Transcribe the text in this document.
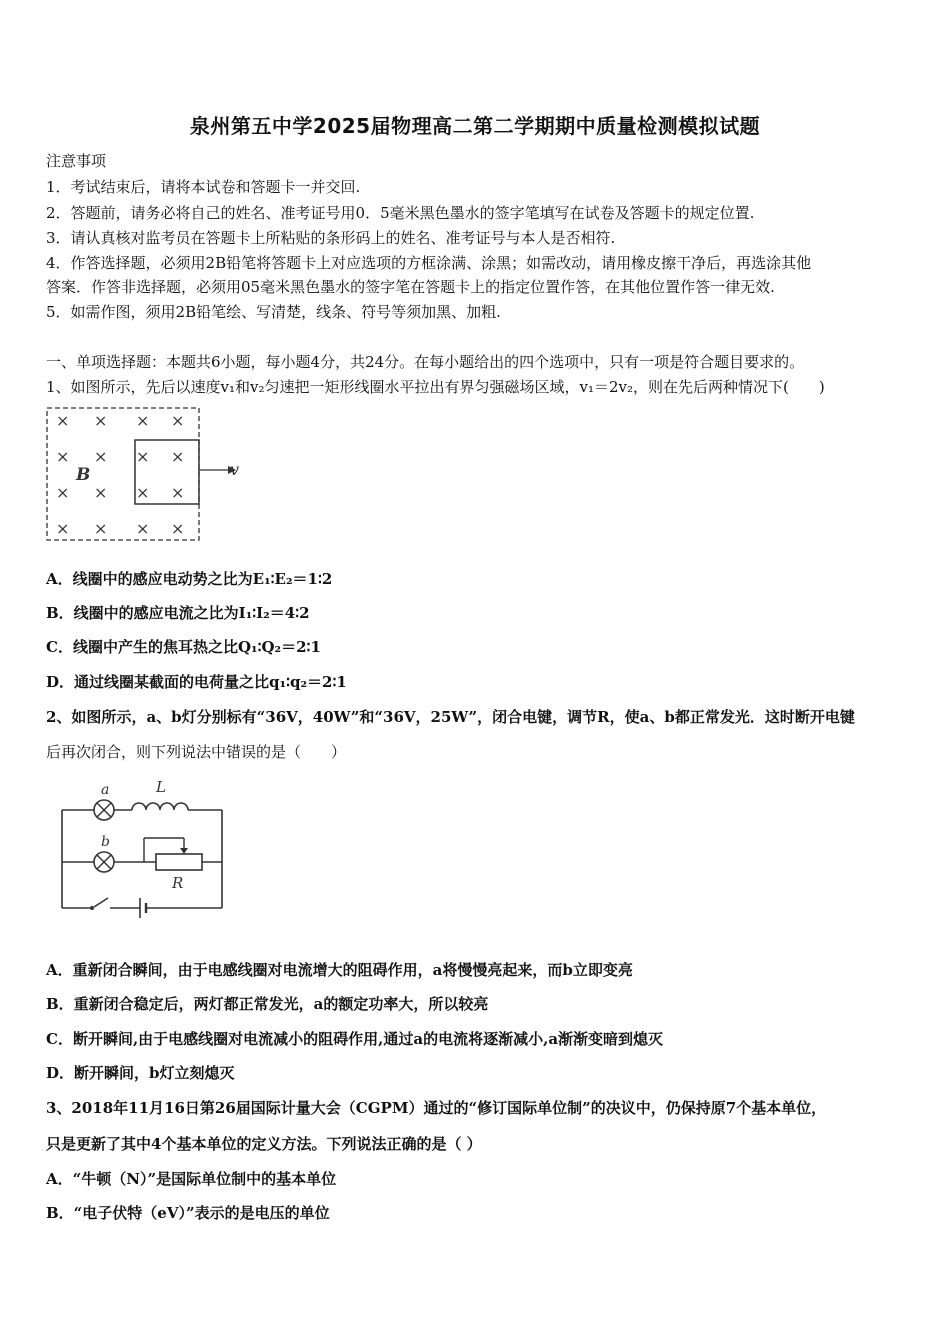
泉州第五中学2025届物理高二第二学期期中质量检测模拟试题
注意事项
1．考试结束后，请将本试卷和答题卡一并交回.
2．答题前，请务必将自己的姓名、准考证号用0．5毫米黑色墨水的签字笔填写在试卷及答题卡的规定位置.
3．请认真核对监考员在答题卡上所粘贴的条形码上的姓名、准考证号与本人是否相符.
4．作答选择题，必须用2B铅笔将答题卡上对应选项的方框涂满、涂黑；如需改动，请用橡皮擦干净后，再选涂其他
答案．作答非选择题，必须用05毫米黑色墨水的签字笔在答题卡上的指定位置作答，在其他位置作答一律无效.
5．如需作图，须用2B铅笔绘、写清楚，线条、符号等须加黑、加粗.
一、单项选择题：本题共6小题，每小题4分，共24分。在每小题给出的四个选项中，只有一项是符合题目要求的。
1、如图所示，先后以速度v₁和v₂匀速把一矩形线圈水平拉出有界匀强磁场区域，v₁＝2v₂，则在先后两种情况下(　　)
× × × ×
× × × ×
× × × ×
× × × ×
B	v
A．线圈中的感应电动势之比为E₁∶E₂＝1∶2
B．线圈中的感应电流之比为I₁∶I₂＝4∶2
C．线圈中产生的焦耳热之比Q₁∶Q₂＝2∶1
D．通过线圈某截面的电荷量之比q₁∶q₂＝2∶1
2、如图所示，a、b灯分别标有“36V，40W”和“36V，25W”，闭合电键，调节R，使a、b都正常发光．这时断开电键
后再次闭合，则下列说法中错误的是（　　）
a	L
b
R
A．重新闭合瞬间，由于电感线圈对电流增大的阻碍作用，a将慢慢亮起来，而b立即变亮
B．重新闭合稳定后，两灯都正常发光，a的额定功率大，所以较亮
C．断开瞬间,由于电感线圈对电流减小的阻碍作用,通过a的电流将逐渐减小,a渐渐变暗到熄灭
D．断开瞬间，b灯立刻熄灭
3、2018年11月16日第26届国际计量大会（CGPM）通过的“修订国际单位制”的决议中，仍保持原7个基本单位，
只是更新了其中4个基本单位的定义方法。下列说法正确的是（ ）
A．“牛顿（N）”是国际单位制中的基本单位
B．“电子伏特（eV）”表示的是电压的单位
